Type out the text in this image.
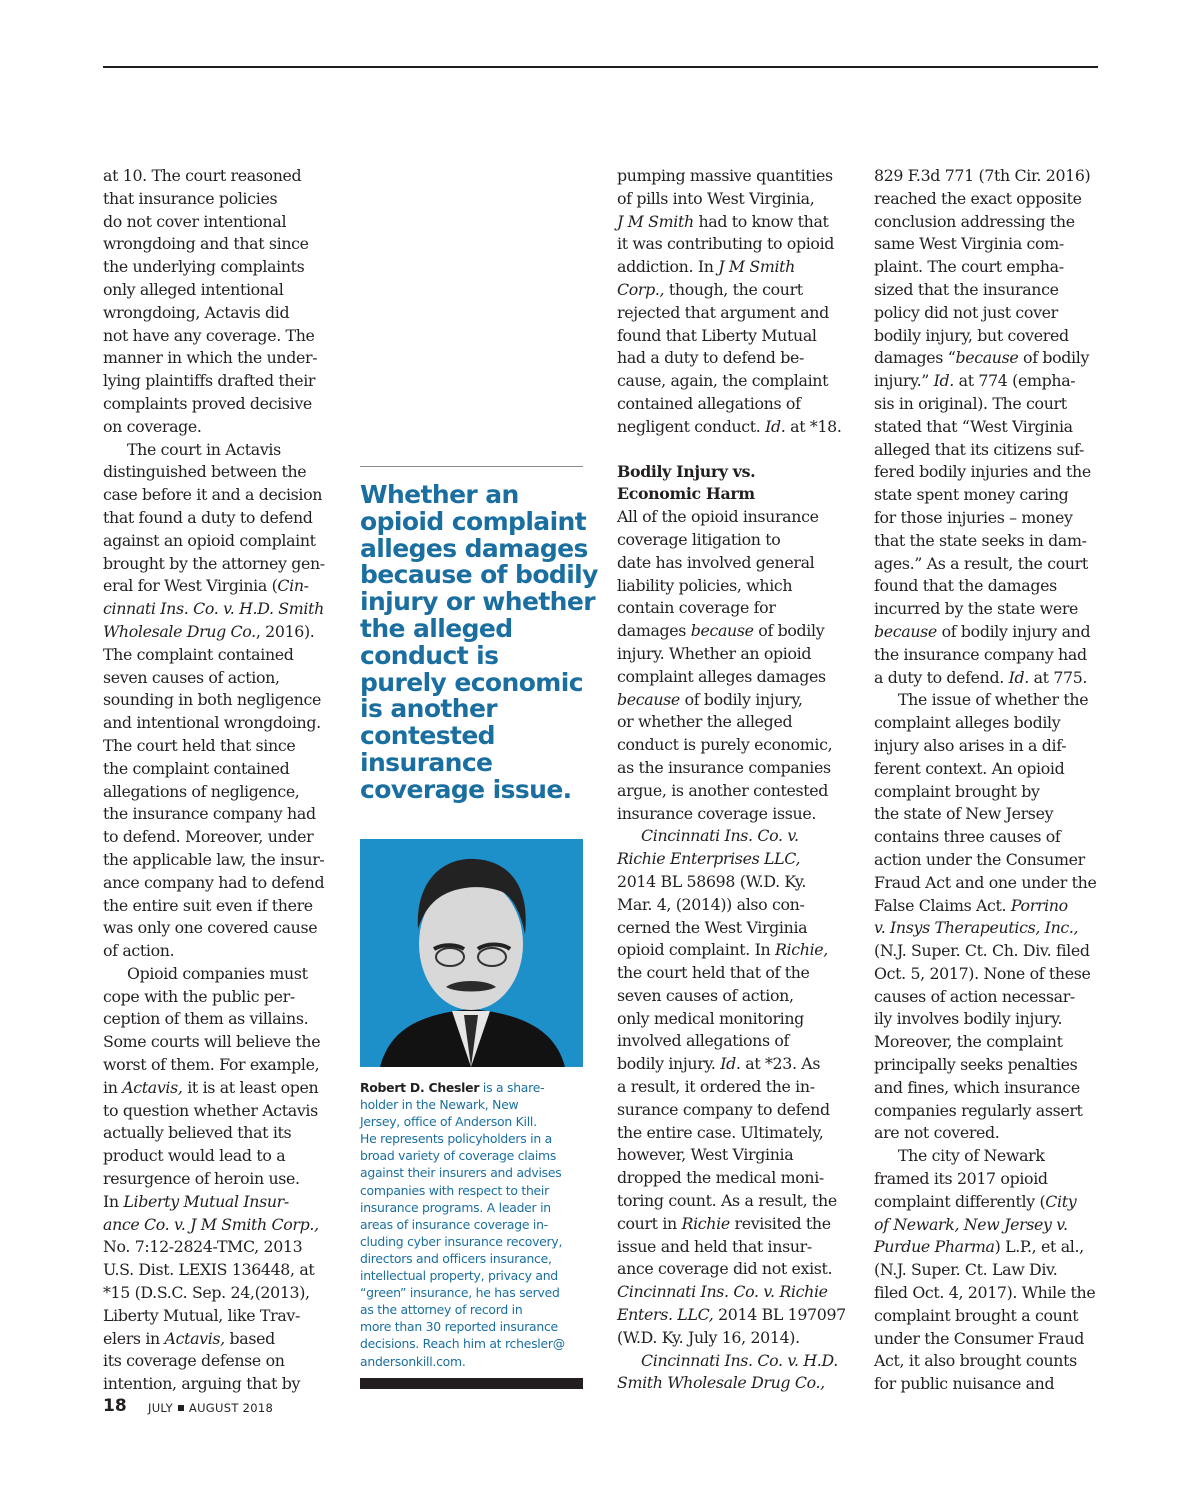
at 10. The court reasoned

that insurance policies

do not cover intentional

wrongdoing and that since

the underlying complaints

only alleged intentional

wrongdoing, Actavis did

not have any coverage. The

manner in which the under-

lying plaintiffs drafted their

complaints proved decisive

on coverage.

The court in Actavis

distinguished between the

case before it and a decision

that found a duty to defend

against an opioid complaint

brought by the attorney gen-

eral for West Virginia (Cin-

cinnati Ins. Co. v. H.D. Smith

Wholesale Drug Co., 2016).

The complaint contained

seven causes of action,

sounding in both negligence

and intentional wrongdoing.

The court held that since

the complaint contained

allegations of negligence,

the insurance company had

to defend. Moreover, under

the applicable law, the insur-

ance company had to defend

the entire suit even if there

was only one covered cause

of action.

Opioid companies must

cope with the public per-

ception of them as villains.

Some courts will believe the

worst of them. For example,

in Actavis, it is at least open

to question whether Actavis

actually believed that its

product would lead to a

resurgence of heroin use.

In Liberty Mutual Insur-

ance Co. v. J M Smith Corp.,

No. 7:12-2824-TMC, 2013

U.S. Dist. LEXIS 136448, at

*15 (D.S.C. Sep. 24,(2013),

Liberty Mutual, like Trav-

elers in Actavis, based

its coverage defense on

intention, arguing that by

Whether an
opioid complaint
alleges damages
because of bodily
injury or whether
the alleged
conduct is
purely economic
is another
contested
insurance
coverage issue.
Robert D. Chesler is a share-
holder in the Newark, New
Jersey, office of Anderson Kill.
He represents policyholders in a
broad variety of coverage claims
against their insurers and advises
companies with respect to their
insurance programs. A leader in
areas of insurance coverage in-
cluding cyber insurance recovery,
directors and officers insurance,
intellectual property, privacy and
“green” insurance, he has served
as the attorney of record in
more than 30 reported insurance
decisions. Reach him at rchesler@
andersonkill.com.

pumping massive quantities

of pills into West Virginia,

J M Smith had to know that

it was contributing to opioid

addiction. In J M Smith

Corp., though, the court

rejected that argument and

found that Liberty Mutual

had a duty to defend be-

cause, again, the complaint

contained allegations of

negligent conduct. Id. at *18.

Bodily Injury vs.
Economic Harm

All of the opioid insurance

coverage litigation to

date has involved general

liability policies, which

contain coverage for

damages because of bodily

injury. Whether an opioid

complaint alleges damages

because of bodily injury,

or whether the alleged

conduct is purely economic,

as the insurance companies

argue, is another contested

insurance coverage issue.

Cincinnati Ins. Co. v.

Richie Enterprises LLC,

2014 BL 58698 (W.D. Ky.

Mar. 4, (2014)) also con-

cerned the West Virginia

opioid complaint. In Richie,

the court held that of the

seven causes of action,

only medical monitoring

involved allegations of

bodily injury. Id. at *23. As

a result, it ordered the in-

surance company to defend

the entire case. Ultimately,

however, West Virginia

dropped the medical moni-

toring count. As a result, the

court in Richie revisited the

issue and held that insur-

ance coverage did not exist.

Cincinnati Ins. Co. v. Richie

Enters. LLC, 2014 BL 197097

(W.D. Ky. July 16, 2014).

Cincinnati Ins. Co. v. H.D.

Smith Wholesale Drug Co.,

829 F.3d 771 (7th Cir. 2016)

reached the exact opposite

conclusion addressing the

same West Virginia com-

plaint. The court empha-

sized that the insurance

policy did not just cover

bodily injury, but covered

damages “because of bodily

injury.” Id. at 774 (empha-

sis in original). The court

stated that “West Virginia

alleged that its citizens suf-

fered bodily injuries and the

state spent money caring

for those injuries – money

that the state seeks in dam-

ages.” As a result, the court

found that the damages

incurred by the state were

because of bodily injury and

the insurance company had

a duty to defend. Id. at 775.

The issue of whether the

complaint alleges bodily

injury also arises in a dif-

ferent context. An opioid

complaint brought by

the state of New Jersey

contains three causes of

action under the Consumer

Fraud Act and one under the

False Claims Act. Porrino

v. Insys Therapeutics, Inc.,

(N.J. Super. Ct. Ch. Div. filed

Oct. 5, 2017). None of these

causes of action necessar-

ily involves bodily injury.

Moreover, the complaint

principally seeks penalties

and fines, which insurance

companies regularly assert

are not covered.

The city of Newark

framed its 2017 opioid

complaint differently (City

of Newark, New Jersey v.

Purdue Pharma) L.P., et al.,

(N.J. Super. Ct. Law Div.

filed Oct. 4, 2017). While the

complaint brought a count

under the Consumer Fraud

Act, it also brought counts

for public nuisance and

18 JULY AUGUST 2018
